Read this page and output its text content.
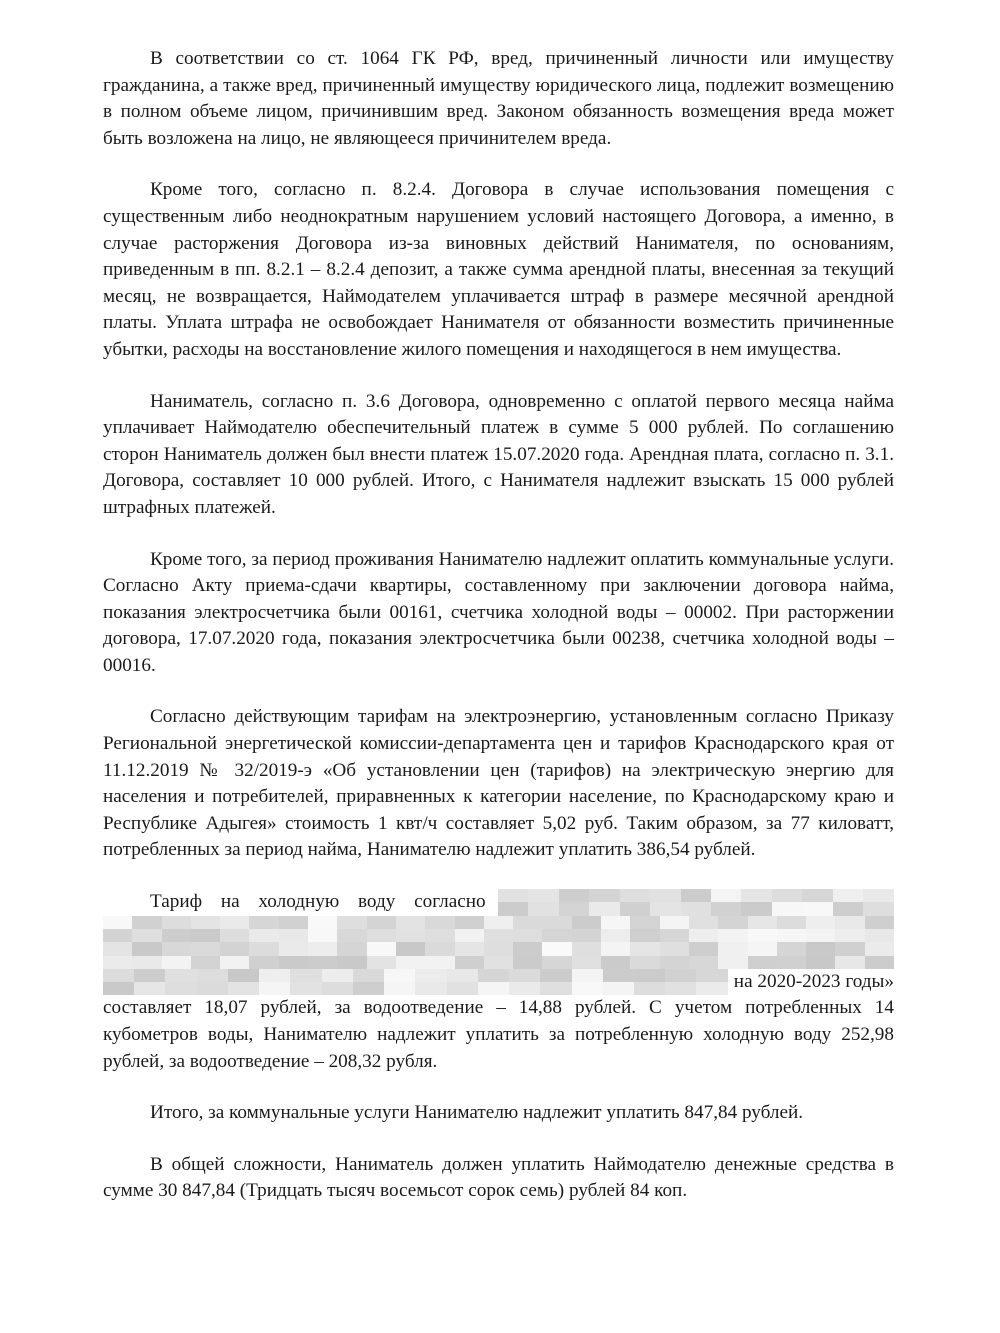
В соответствии со ст. 1064 ГК РФ, вред, причиненный личности или имуществу гражданина, а также вред, причиненный имуществу юридического лица, подлежит возмещению в полном объеме лицом, причинившим вред. Законом обязанность возмещения вреда может быть возложена на лицо, не являющееся причинителем вреда.

Кроме того, согласно п. 8.2.4. Договора в случае использования помещения с существенным либо неоднократным нарушением условий настоящего Договора, а именно, в случае расторжения Договора из-за виновных действий Нанимателя, по основаниям, приведенным в пп. 8.2.1 – 8.2.4 депозит, а также сумма арендной платы, внесенная за текущий месяц, не возвращается, Наймодателем уплачивается штраф в размере месячной арендной платы. Уплата штрафа не освобождает Нанимателя от обязанности возместить причиненные убытки, расходы на восстановление жилого помещения и находящегося в нем имущества.

Наниматель, согласно п. 3.6 Договора, одновременно с оплатой первого месяца найма уплачивает Наймодателю обеспечительный платеж в сумме 5 000 рублей. По соглашению сторон Наниматель должен был внести платеж 15.07.2020 года. Арендная плата, согласно п. 3.1. Договора, составляет 10 000 рублей. Итого, с Нанимателя надлежит взыскать 15 000 рублей штрафных платежей.

Кроме того, за период проживания Нанимателю надлежит оплатить коммунальные услуги. Согласно Акту приема-сдачи квартиры, составленному при заключении договора найма, показания электросчетчика были 00161, счетчика холодной воды – 00002. При расторжении договора, 17.07.2020 года, показания электросчетчика были 00238, счетчика холодной воды – 00016.

Согласно действующим тарифам на электроэнергию, установленным согласно Приказу Региональной энергетической комиссии-департамента цен и тарифов Краснодарского края от 11.12.2019 № 32/2019-э «Об установлении цен (тарифов) на электрическую энергию для населения и потребителей, приравненных к категории население, по Краснодарскому краю и Республике Адыгея» стоимость 1 квт/ч составляет 5,02 руб. Таким образом, за 77 киловатт, потребленных за период найма, Нанимателю надлежит уплатить 386,54 рублей.

Тариф на холодную воду согласно
на 2020-2023 годы»

составляет 18,07 рублей, за водоотведение – 14,88 рублей. С учетом потребленных 14 кубометров воды, Нанимателю надлежит уплатить за потребленную холодную воду 252,98 рублей, за водоотведение – 208,32 рубля.

Итого, за коммунальные услуги Нанимателю надлежит уплатить 847,84 рублей.

В общей сложности, Наниматель должен уплатить Наймодателю денежные средства в сумме 30 847,84 (Тридцать тысяч восемьсот сорок семь) рублей 84 коп.
